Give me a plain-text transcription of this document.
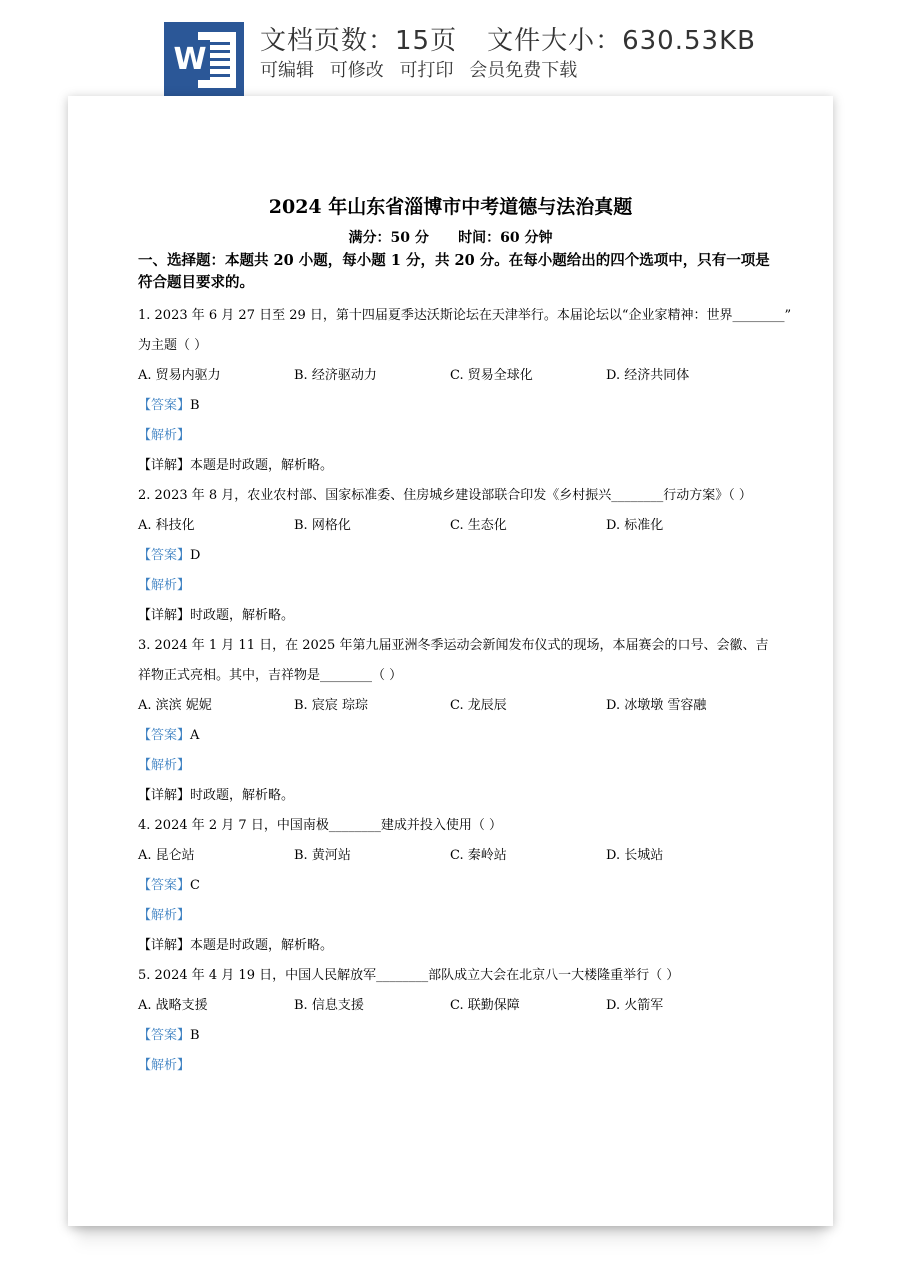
W
文档页数：15页 文件大小：630.53KB
可编辑 可修改 可打印 会员免费下载
2024 年山东省淄博市中考道德与法治真题
满分：50 分      时间：60 分钟
一、选择题：本题共 20 小题，每小题 1 分，共 20 分。在每小题给出的四个选项中，只有一项是符合题目要求的。
1. 2023 年 6 月 27 日至 29 日，第十四届夏季达沃斯论坛在天津举行。本届论坛以“企业家精神：世界________”
为主题（ ）
A. 贸易内驱力	B. 经济驱动力	C. 贸易全球化	D. 经济共同体
【答案】B
【解析】
【详解】本题是时政题，解析略。
2. 2023 年 8 月，农业农村部、国家标准委、住房城乡建设部联合印发《乡村振兴________行动方案》（ ）
A. 科技化	B. 网格化	C. 生态化	D. 标准化
【答案】D
【解析】
【详解】时政题，解析略。
3. 2024 年 1 月 11 日，在 2025 年第九届亚洲冬季运动会新闻发布仪式的现场，本届赛会的口号、会徽、吉
祥物正式亮相。其中，吉祥物是________（ ）
A. 滨滨 妮妮	B. 宸宸 琮琮	C. 龙辰辰	D. 冰墩墩 雪容融
【答案】A
【解析】
【详解】时政题，解析略。
4. 2024 年 2 月 7 日，中国南极________建成并投入使用（ ）
A. 昆仑站	B. 黄河站	C. 秦岭站	D. 长城站
【答案】C
【解析】
【详解】本题是时政题，解析略。
5. 2024 年 4 月 19 日，中国人民解放军________部队成立大会在北京八一大楼隆重举行（ ）
A. 战略支援	B. 信息支援	C. 联勤保障	D. 火箭军
【答案】B
【解析】
